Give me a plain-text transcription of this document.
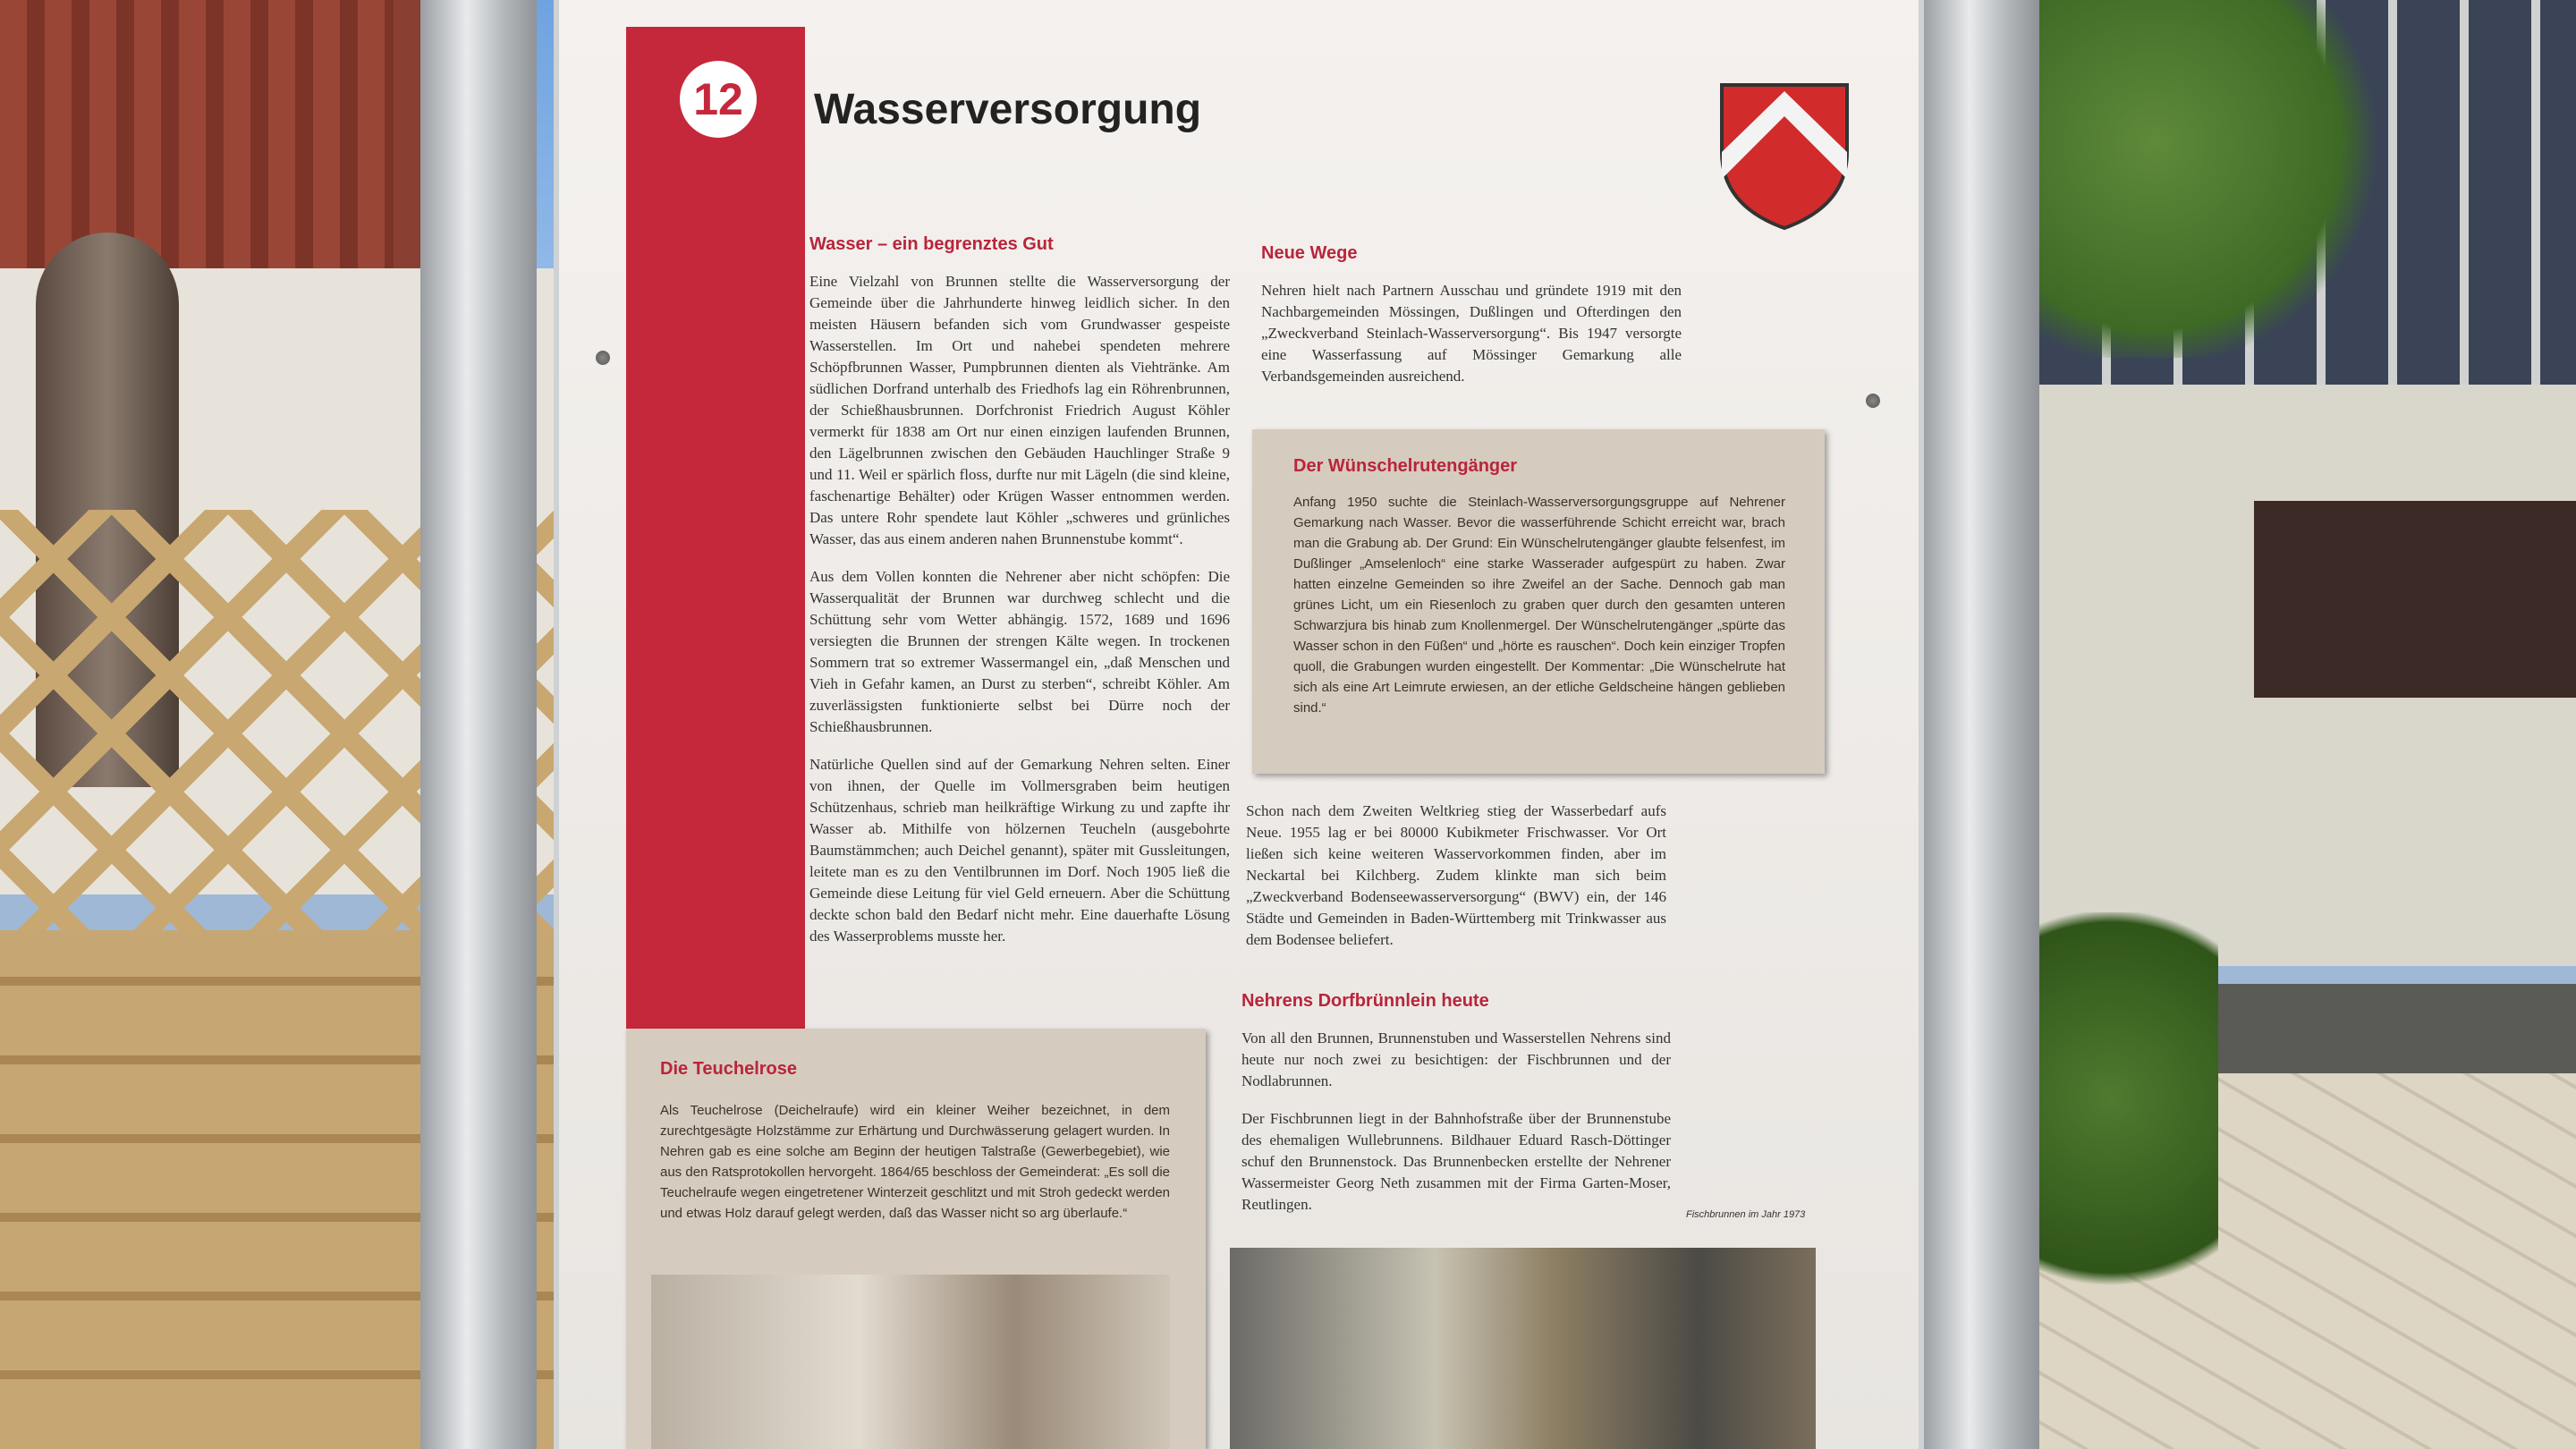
12	Wasserversorgung
Wasser – ein begrenztes Gut
Eine Vielzahl von Brunnen stellte die Wasserversorgung der Gemeinde über die Jahrhunderte hinweg leidlich sicher. In den meisten Häusern befanden sich vom Grundwasser gespeiste Wasserstellen. Im Ort und nahebei spendeten mehrere Schöpfbrunnen Wasser, Pumpbrunnen dienten als Viehtränke. Am südlichen Dorfrand unterhalb des Friedhofs lag ein Röhrenbrunnen, der Schießhausbrunnen. Dorfchronist Friedrich August Köhler vermerkt für 1838 am Ort nur einen einzigen laufenden Brunnen, den Lägelbrunnen zwischen den Gebäuden Hauchlinger Straße 9 und 11. Weil er spärlich floss, durfte nur mit Lägeln (die sind kleine, faschenartige Behälter) oder Krügen Wasser entnommen werden. Das untere Rohr spendete laut Köhler „schweres und grünliches Wasser, das aus einem anderen nahen Brunnenstube kommt“.
Aus dem Vollen konnten die Nehrener aber nicht schöpfen: Die Wasserqualität der Brunnen war durchweg schlecht und die Schüttung sehr vom Wetter abhängig. 1572, 1689 und 1696 versiegten die Brunnen der strengen Kälte wegen. In trockenen Sommern trat so extremer Wassermangel ein, „daß Menschen und Vieh in Gefahr kamen, an Durst zu sterben“, schreibt Köhler. Am zuverlässigsten funktionierte selbst bei Dürre noch der Schießhausbrunnen.
Natürliche Quellen sind auf der Gemarkung Nehren selten. Einer von ihnen, der Quelle im Vollmersgraben beim heutigen Schützenhaus, schrieb man heilkräftige Wirkung zu und zapfte ihr Wasser ab. Mithilfe von hölzernen Teucheln (ausgebohrte Baumstämmchen; auch Deichel genannt), später mit Gussleitungen, leitete man es zu den Ventilbrunnen im Dorf. Noch 1905 ließ die Gemeinde diese Leitung für viel Geld erneuern. Aber die Schüttung deckte schon bald den Bedarf nicht mehr. Eine dauerhafte Lösung des Wasserproblems musste her.
Neue Wege
Nehren hielt nach Partnern Ausschau und gründete 1919 mit den Nachbargemeinden Mössingen, Dußlingen und Ofterdingen den „Zweckverband Steinlach-Wasserversorgung“. Bis 1947 versorgte eine Wasserfassung auf Mössinger Gemarkung alle Verbandsgemeinden ausreichend.
Der Wünschelrutengänger
Anfang 1950 suchte die Steinlach-Wasserversorgungsgruppe auf Nehrener Gemarkung nach Wasser. Bevor die wasserführende Schicht erreicht war, brach man die Grabung ab. Der Grund: Ein Wünschelrutengänger glaubte felsenfest, im Dußlinger „Amselenloch“ eine starke Wasserader aufgespürt zu haben. Zwar hatten einzelne Gemeinden so ihre Zweifel an der Sache. Dennoch gab man grünes Licht, um ein Riesenloch zu graben quer durch den gesamten unteren Schwarzjura bis hinab zum Knollenmergel. Der Wünschelrutengänger „spürte das Wasser schon in den Füßen“ und „hörte es rauschen“. Doch kein einziger Tropfen quoll, die Grabungen wurden eingestellt. Der Kommentar: „Die Wünschelrute hat sich als eine Art Leimrute erwiesen, an der etliche Geldscheine hängen geblieben sind.“
Schon nach dem Zweiten Weltkrieg stieg der Wasserbedarf aufs Neue. 1955 lag er bei 80000 Kubikmeter Frischwasser. Vor Ort ließen sich keine weiteren Wasservorkommen finden, aber im Neckartal bei Kilchberg. Zudem klinkte man sich beim „Zweckverband Bodenseewasserversorgung“ (BWV) ein, der 146 Städte und Gemeinden in Baden-Württemberg mit Trinkwasser aus dem Bodensee beliefert.
Nehrens Dorfbrünnlein heute
Von all den Brunnen, Brunnenstuben und Wasserstellen Nehrens sind heute nur noch zwei zu besichtigen: der Fischbrunnen und der Nodlabrunnen.
Der Fischbrunnen liegt in der Bahnhofstraße über der Brunnenstube des ehemaligen Wullebrunnens. Bildhauer Eduard Rasch-Döttinger schuf den Brunnenstock. Das Brunnenbecken erstellte der Nehrener Wassermeister Georg Neth zusammen mit der Firma Garten-Moser, Reutlingen.
Fischbrunnen im Jahr 1973
Die Teuchelrose
Als Teuchelrose (Deichelraufe) wird ein kleiner Weiher bezeichnet, in dem zurechtgesägte Holzstämme zur Erhärtung und Durchwässerung gelagert wurden. In Nehren gab es eine solche am Beginn der heutigen Talstraße (Gewerbegebiet), wie aus den Ratsprotokollen hervorgeht. 1864/65 beschloss der Gemeinderat: „Es soll die Teuchelraufe wegen eingetretener Winterzeit geschlitzt und mit Stroh gedeckt werden und etwas Holz darauf gelegt werden, daß das Wasser nicht so arg überlaufe.“
